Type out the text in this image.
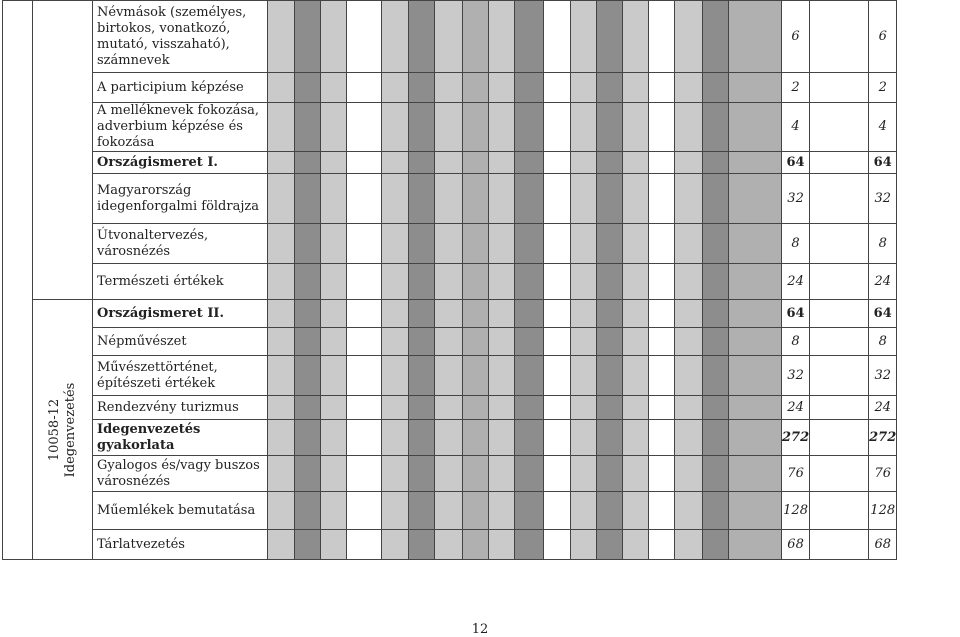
		Névmások (személyes, birtokos, vonatkozó, mutató, visszaható), számnevek																			6		6
		A participium képzése																			2		2
		A melléknevek fokozása, adverbium képzése és fokozása																			4		4
		Országismeret I.																			64		64
		Magyarország idegenforgalmi földrajza																			32		32
		Útvonaltervezés, városnézés																			8		8
		Természeti értékek																			24		24

	10058-12 Idegenvezetés	Országismeret II.																			64		64
		Népművészet																			8		8
		Művészettörténet, építészeti értékek																			32		32
		Rendezvény turizmus																			24		24
		Idegenvezetés gyakorlata																			272		272
		Gyalogos és/vagy buszos városnézés																			76		76
		Műemlékek bemutatása																			128		128
		Tárlatvezetés																			68		68
12
